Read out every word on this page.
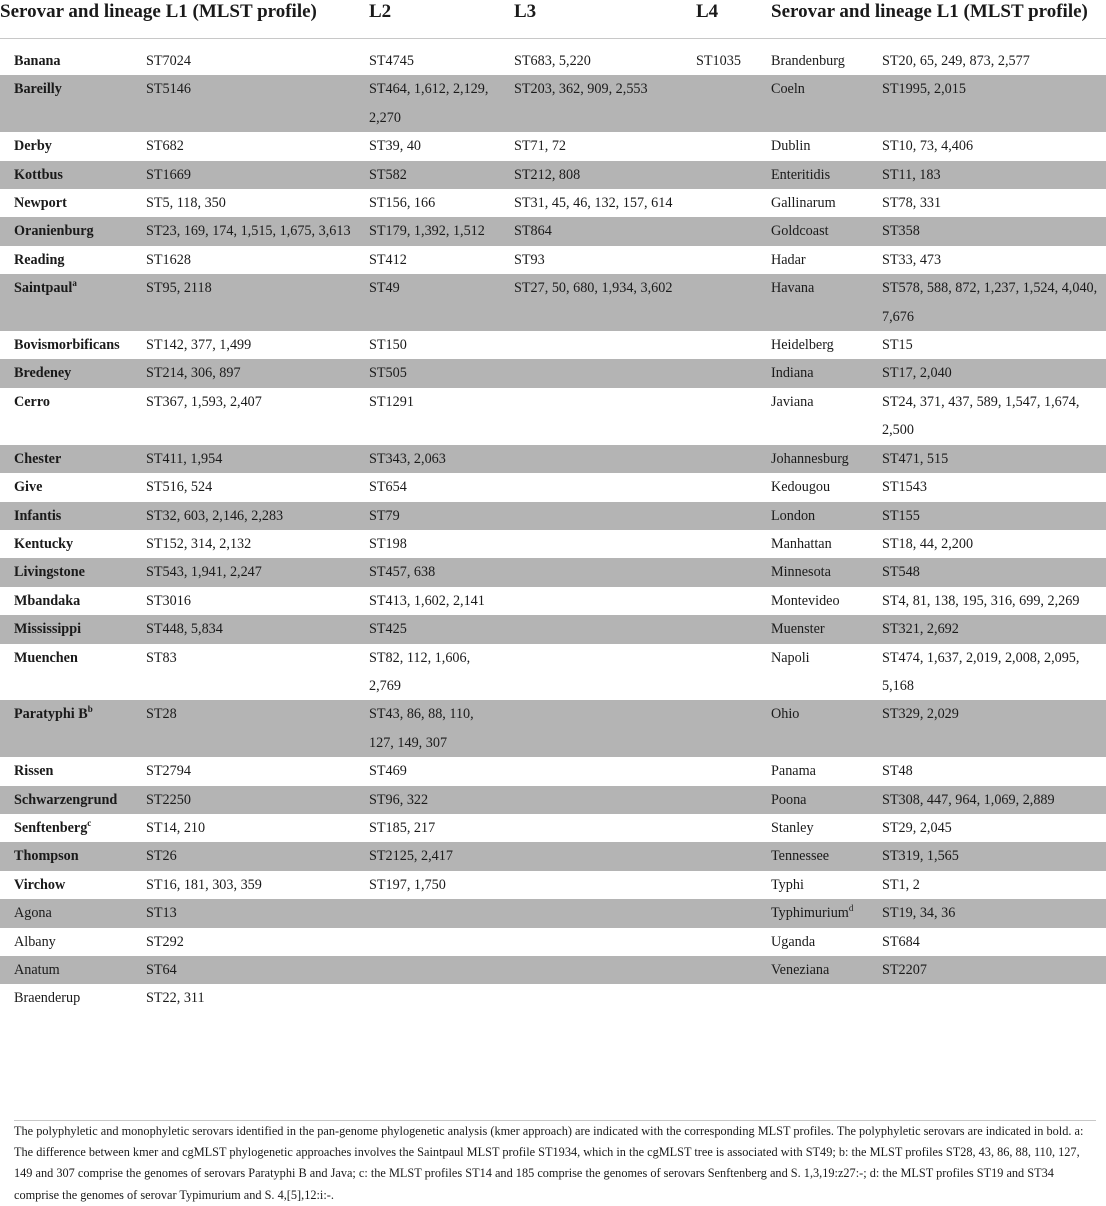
Serovar and lineage L1 (MLST profile)		L2	L3	L4	Serovar and lineage L1 (MLST profile)	

Banana	ST7024	ST4745	ST683, 5,220	ST1035	Brandenburg	ST20, 65, 249, 873, 2,577
Bareilly	ST5146	ST464, 1,612, 2,129, 2,270	ST203, 362, 909, 2,553		Coeln	ST1995, 2,015
Derby	ST682	ST39, 40	ST71, 72		Dublin	ST10, 73, 4,406
Kottbus	ST1669	ST582	ST212, 808		Enteritidis	ST11, 183
Newport	ST5, 118, 350	ST156, 166	ST31, 45, 46, 132, 157, 614		Gallinarum	ST78, 331
Oranienburg	ST23, 169, 174, 1,515, 1,675, 3,613	ST179, 1,392, 1,512	ST864		Goldcoast	ST358
Reading	ST1628	ST412	ST93		Hadar	ST33, 473
Saintpaul$^a$	ST95, 2118	ST49	ST27, 50, 680, 1,934, 3,602		Havana	ST578, 588, 872, 1,237, 1,524, 4,040, 7,676
Bovismorbificans	ST142, 377, 1,499	ST150			Heidelberg	ST15
Bredeney	ST214, 306, 897	ST505			Indiana	ST17, 2,040
Cerro	ST367, 1,593, 2,407	ST1291			Javiana	ST24, 371, 437, 589, 1,547, 1,674, 2,500
Chester	ST411, 1,954	ST343, 2,063			Johannesburg	ST471, 515
Give	ST516, 524	ST654			Kedougou	ST1543
Infantis	ST32, 603, 2,146, 2,283	ST79			London	ST155
Kentucky	ST152, 314, 2,132	ST198			Manhattan	ST18, 44, 2,200
Livingstone	ST543, 1,941, 2,247	ST457, 638			Minnesota	ST548
Mbandaka	ST3016	ST413, 1,602, 2,141			Montevideo	ST4, 81, 138, 195, 316, 699, 2,269
Mississippi	ST448, 5,834	ST425			Muenster	ST321, 2,692
Muenchen	ST83	ST82, 112, 1,606, 2,769			Napoli	ST474, 1,637, 2,019, 2,008, 2,095, 5,168
Paratyphi $B^b$	ST28	ST43, 86, 88, 110, 127, 149, 307			Ohio	ST329, 2,029
Rissen	ST2794	ST469			Panama	ST48
Schwarzengrund	ST2250	ST96, 322			Poona	ST308, 447, 964, 1,069, 2,889
Senftenberg$^c$	ST14, 210	ST185, 217			Stanley	ST29, 2,045
Thompson	ST26	ST2125, 2,417			Tennessee	ST319, 1,565
Virchow	ST16, 181, 303, 359	ST197, 1,750			Typhi	ST1, 2
Agona	ST13				Typhimurium$^d$	ST19, 34, 36
Albany	ST292				Uganda	ST684
Anatum	ST64				Veneziana	ST2207
Braenderup	ST22, 311					
The polyphyletic and monophyletic serovars identified in the pan-genome phylogenetic analysis (kmer approach) are indicated with the corresponding MLST profiles. The polyphyletic serovars are indicated in bold. a: The difference between kmer and cgMLST phylogenetic approaches involves the Saintpaul MLST profile ST1934, which in the cgMLST tree is associated with ST49; b: the MLST profiles ST28, 43, 86, 88, 110, 127, 149 and 307 comprise the genomes of serovars Paratyphi B and Java; c: the MLST profiles ST14 and 185 comprise the genomes of serovars Senftenberg and S. 1,3,19:z27:-; d: the MLST profiles ST19 and ST34 comprise the genomes of serovar Typimurium and S. 4,[5],12:i:-.
